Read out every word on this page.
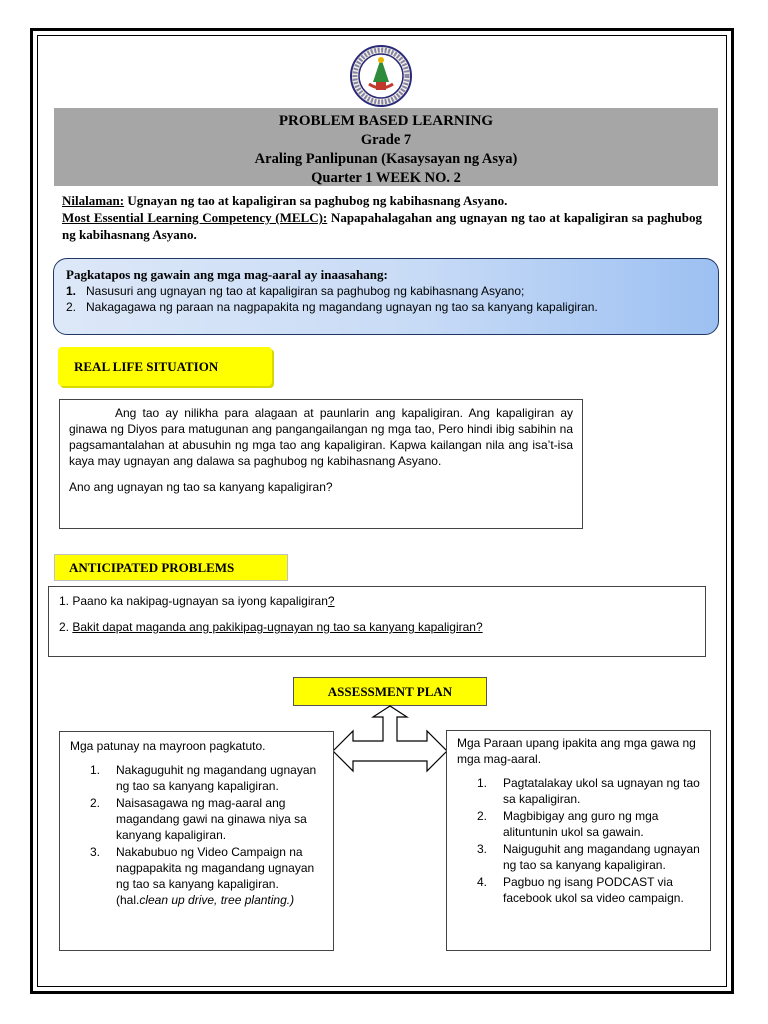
PROBLEM BASED LEARNING
Grade 7
Araling Panlipunan (Kasaysayan ng Asya)
Quarter 1 WEEK NO. 2
Nilalaman: Ugnayan ng tao at kapaligiran sa paghubog ng kabihasnang Asyano.
Most Essential Learning Competency (MELC): Napapahalagahan ang ugnayan ng tao at kapaligiran sa paghubog ng kabihasnang Asyano.
Pagkatapos ng gawain ang mga mag-aaral ay inaasahang:
1. Nasusuri ang ugnayan ng tao at kapaligiran sa paghubog ng kabihasnang Asyano;
2. Nakagagawa ng paraan na nagpapakita ng magandang ugnayan ng tao sa kanyang kapaligiran.
REAL LIFE SITUATION

Ang tao ay nilikha para alagaan at paunlarin ang kapaligiran. Ang kapaligiran ay ginawa ng Diyos para matugunan ang pangangailangan ng mga tao, Pero hindi ibig sabihin na pagsamantalahan at abusuhin ng mga tao ang kapaligiran. Kapwa kailangan nila ang isa’t-isa kaya may ugnayan ang dalawa sa paghubog ng kabihasnang Asyano.

Ano ang ugnayan ng tao sa kanyang kapaligiran?

ANTICIPATED PROBLEMS

1. Paano ka nakipag-ugnayan sa iyong kapaligiran?

2. Bakit dapat maganda ang pakikipag-ugnayan ng tao sa kanyang kapaligiran?

ASSESSMENT PLAN
Mga patunay na mayroon pagkatuto.
1.	Nakaguguhit ng magandang ugnayan ng tao sa kanyang kapaligiran.
2.	Naisasagawa ng mag-aaral ang magandang gawi na ginawa niya sa kanyang kapaligiran.
3.	Nakabubuo ng Video Campaign na nagpapakita ng magandang ugnayan ng tao sa kanyang kapaligiran. (hal.clean up drive, tree planting.)
Mga Paraan upang ipakita ang mga gawa ng mga mag-aaral.
1.	Pagtatalakay ukol sa ugnayan ng tao sa kapaligiran.
2.	Magbibigay ang guro ng mga alituntunin ukol sa gawain.
3.	Naiguguhit ang magandang ugnayan ng tao sa kanyang kapaligiran.
4.	Pagbuo ng isang PODCAST via facebook ukol sa video campaign.
